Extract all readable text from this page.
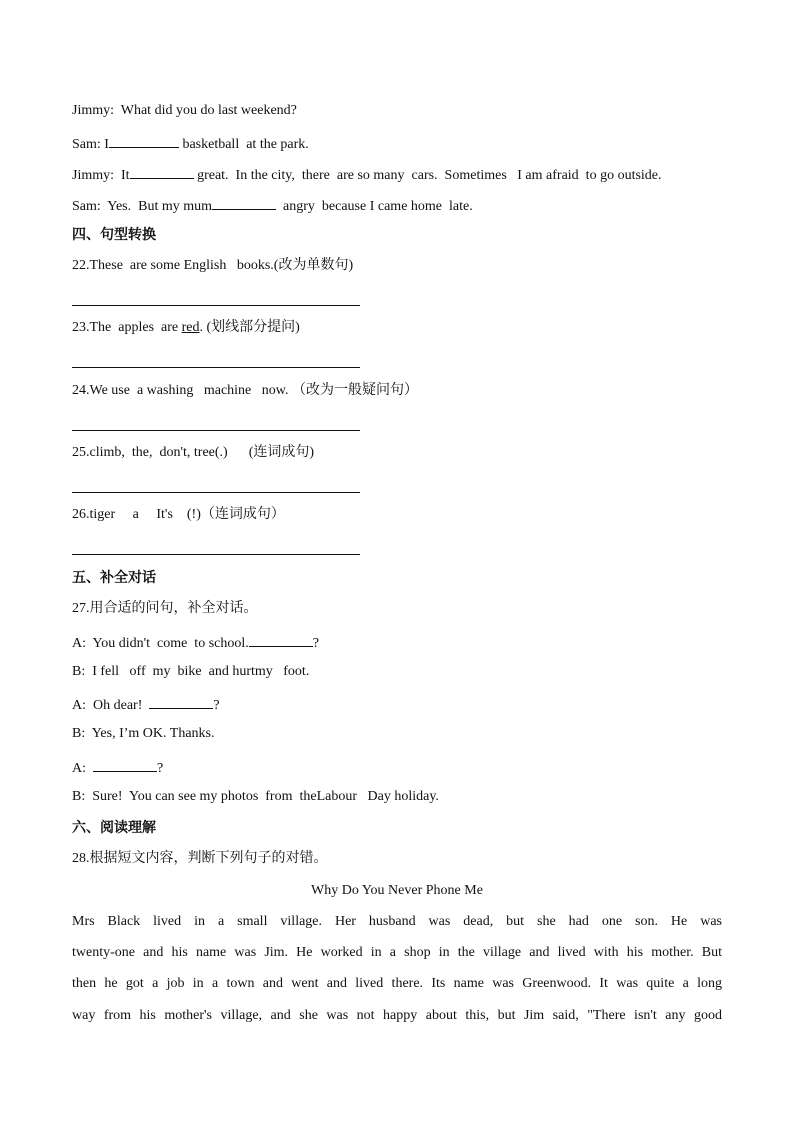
Jimmy:  What did you do last weekend?
Sam: I	basketball  at the park.
Jimmy:  It	great.  In the city,  there  are so many  cars.  Sometimes   I am afraid  to go outside.
Sam:  Yes.  But my mum	angry  because I came home  late.
四、句型转换
22.These  are some English   books.(改为单数句)
23.The  apples  are red. (划线部分提问)
24.We use  a washing   machine   now. （改为一般疑问句）
25.climb,  the,  don't, tree(.)      (连词成句)
26.tiger     a     It's    (!)（连词成句）
五、补全对话
27.用合适的问句，补全对话。
A:  You didn't  come  to school.	?
B:  I fell   off  my  bike  and hurtmy   foot.
A:  Oh dear!	?
B:  Yes, I’m OK. Thanks.
A:	?
B:  Sure!  You can see my photos  from  theLabour   Day holiday.
六、阅读理解
28.根据短文内容，判断下列句子的对错。
Why Do You Never Phone Me
Mrs Black lived in a small village. Her husband was dead, but she had one son. He was
twenty-one and his name was Jim. He worked in a shop in the village and lived with his mother. But
then he got a job in a town and went and lived there. Its name was Greenwood. It was quite a long
way from his mother's village, and she was not happy about this, but Jim said, "There isn't any good
